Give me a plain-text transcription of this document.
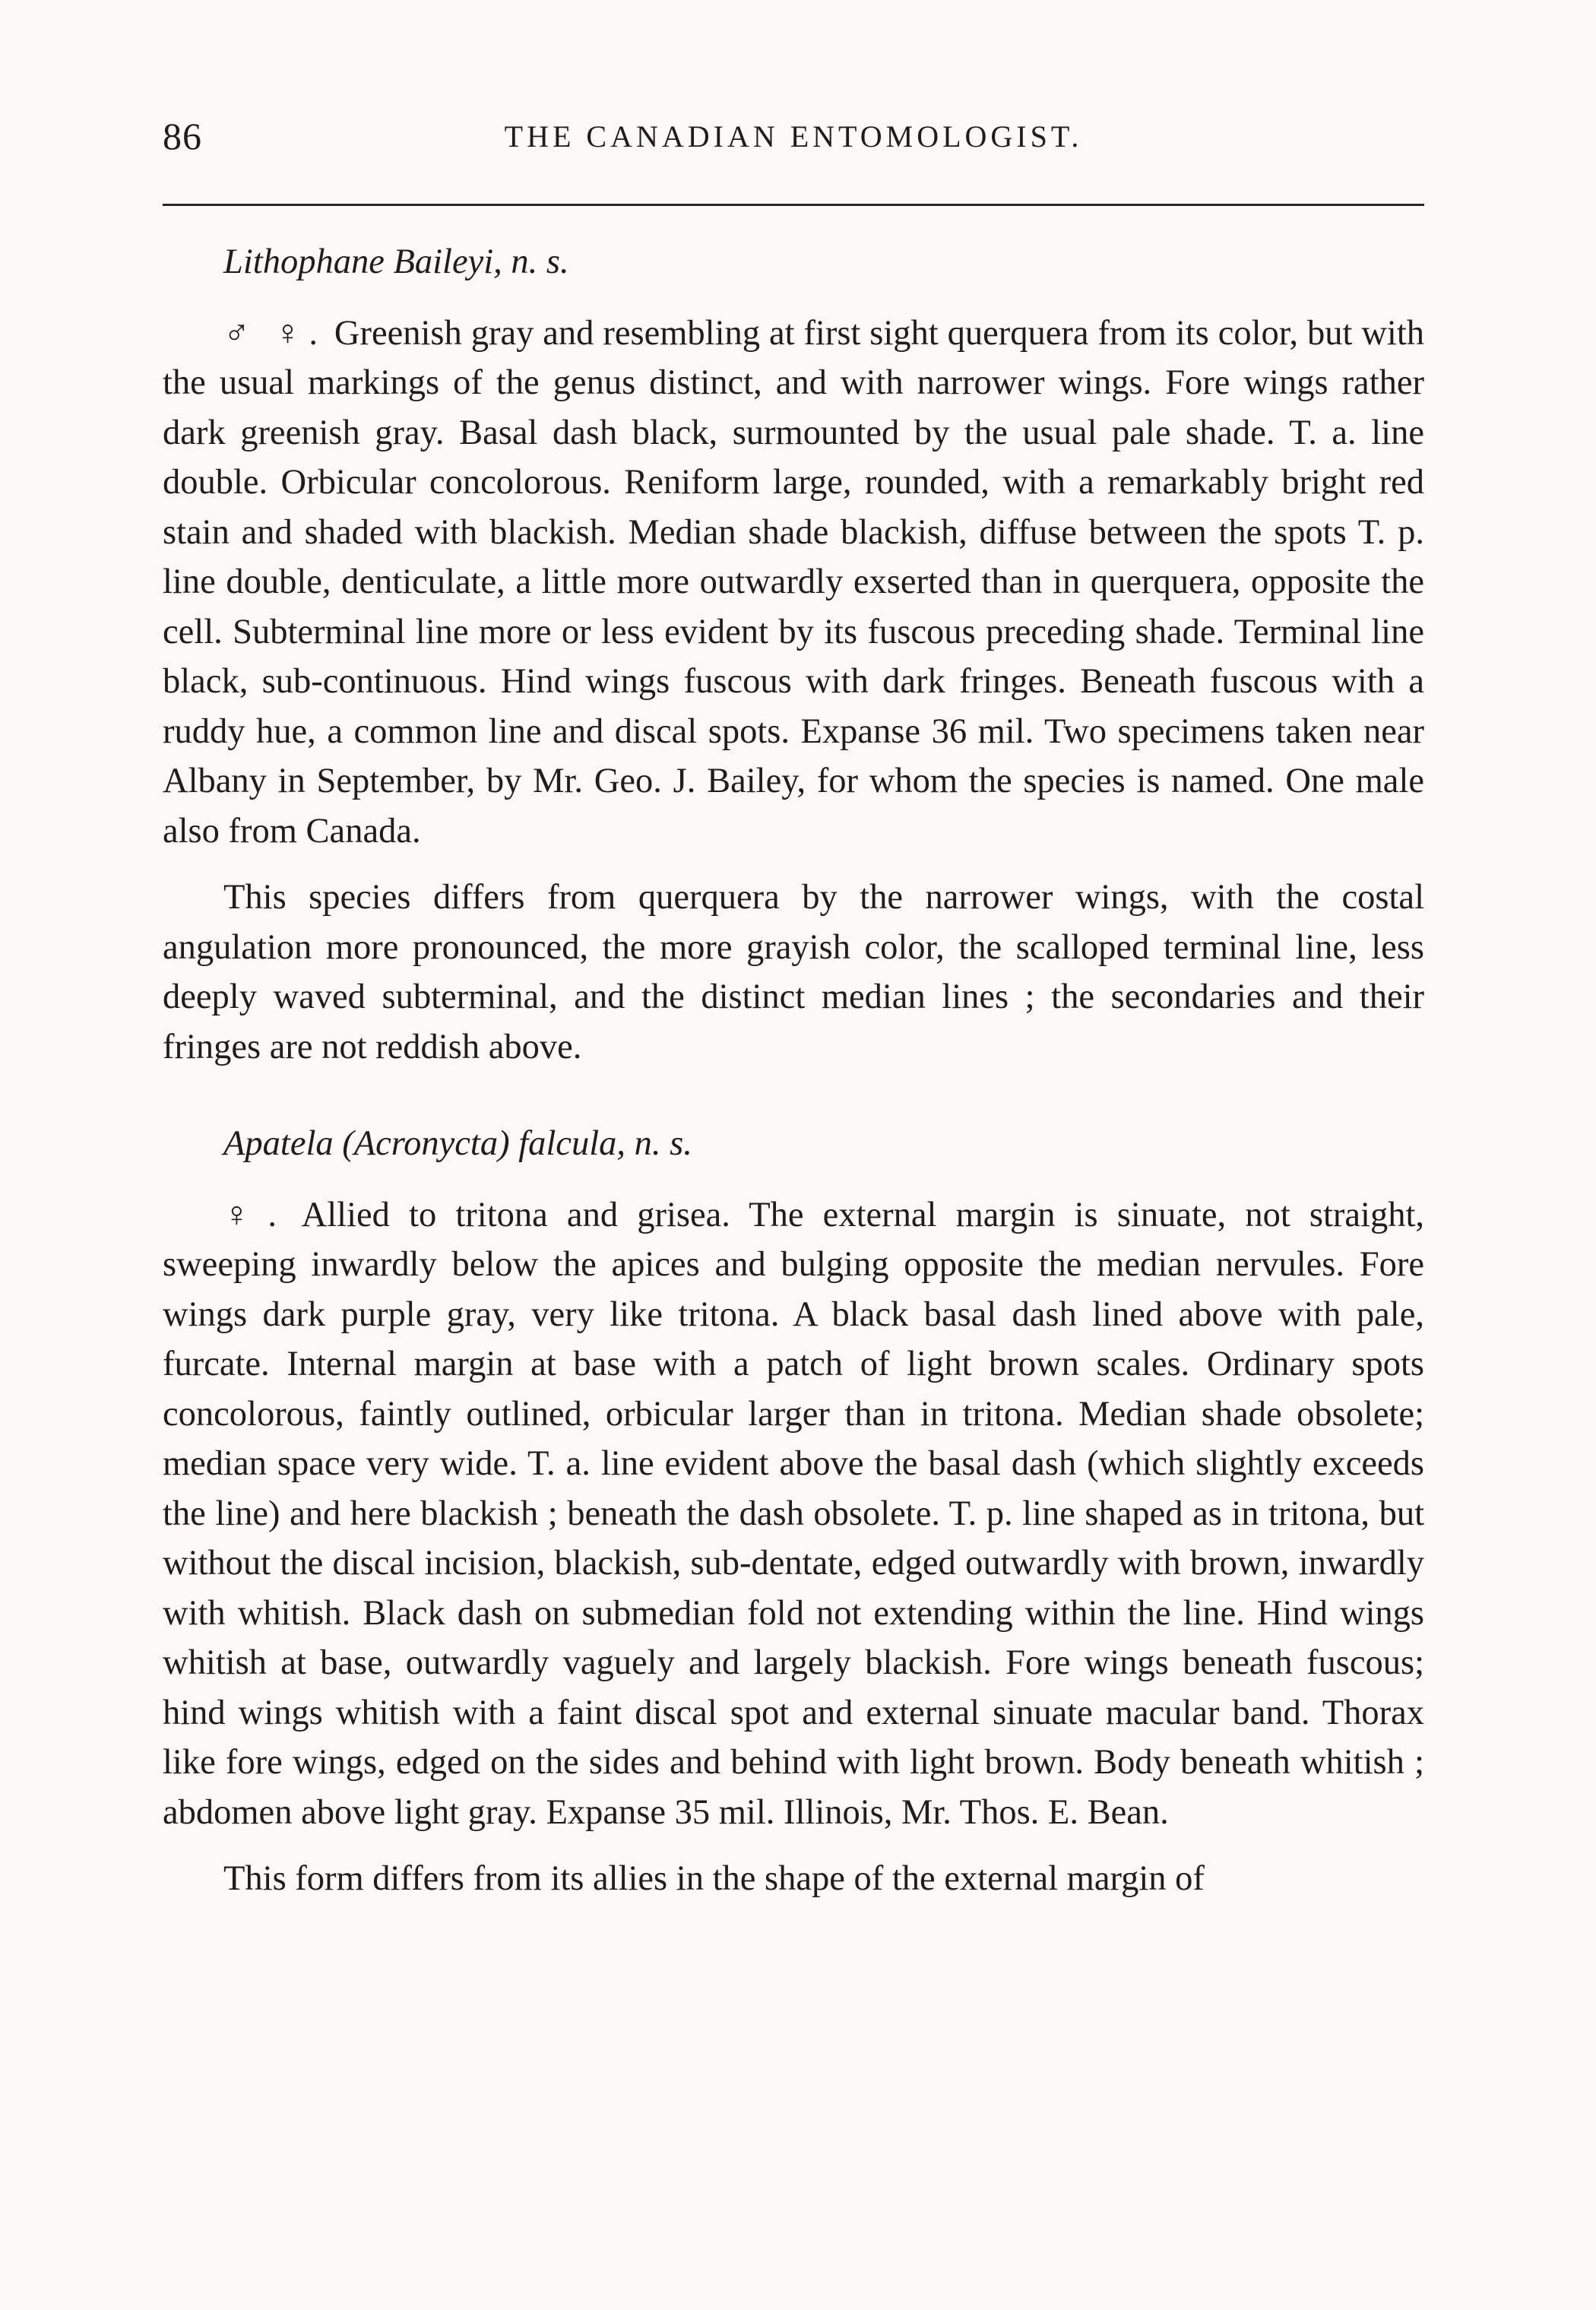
86	THE CANADIAN ENTOMOLOGIST.

Lithophane Baileyi, n. s.

♂ ♀. Greenish gray and resembling at first sight querquera from its color, but with the usual markings of the genus distinct, and with narrower wings. Fore wings rather dark greenish gray. Basal dash black, surmounted by the usual pale shade. T. a. line double. Orbicular concolorous. Reniform large, rounded, with a remarkably bright red stain and shaded with blackish. Median shade blackish, diffuse between the spots T. p. line double, denticulate, a little more outwardly exserted than in querquera, opposite the cell. Subterminal line more or less evident by its fuscous preceding shade. Terminal line black, sub-continuous. Hind wings fuscous with dark fringes. Beneath fuscous with a ruddy hue, a common line and discal spots. Expanse 36 mil. Two specimens taken near Albany in September, by Mr. Geo. J. Bailey, for whom the species is named. One male also from Canada.

This species differs from querquera by the narrower wings, with the costal angulation more pronounced, the more grayish color, the scalloped terminal line, less deeply waved subterminal, and the distinct median lines ; the secondaries and their fringes are not reddish above.

Apatela (Acronycta) falcula, n. s.

♀. Allied to tritona and grisea. The external margin is sinuate, not straight, sweeping inwardly below the apices and bulging opposite the median nervules. Fore wings dark purple gray, very like tritona. A black basal dash lined above with pale, furcate. Internal margin at base with a patch of light brown scales. Ordinary spots concolorous, faintly outlined, orbicular larger than in tritona. Median shade obsolete; median space very wide. T. a. line evident above the basal dash (which slightly exceeds the line) and here blackish ; beneath the dash obsolete. T. p. line shaped as in tritona, but without the discal incision, blackish, sub-dentate, edged outwardly with brown, inwardly with whitish. Black dash on submedian fold not extending within the line. Hind wings whitish at base, outwardly vaguely and largely blackish. Fore wings beneath fuscous; hind wings whitish with a faint discal spot and external sinuate macular band. Thorax like fore wings, edged on the sides and behind with light brown. Body beneath whitish ; abdomen above light gray. Expanse 35 mil. Illinois, Mr. Thos. E. Bean.

This form differs from its allies in the shape of the external margin of
